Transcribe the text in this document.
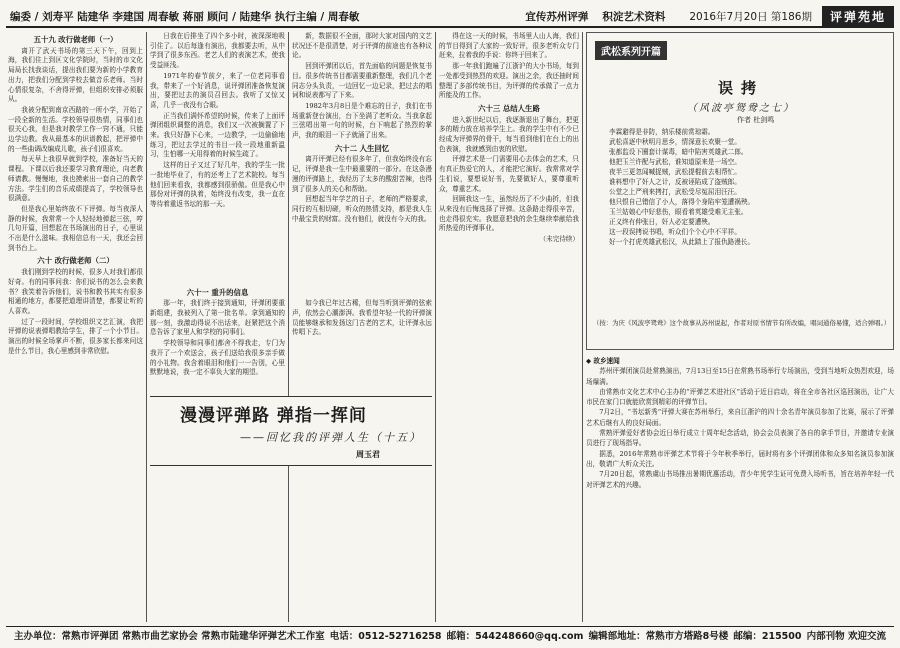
编委 / 刘寿平 陆建华 李建国 周春敏 蒋丽 顾问 / 陆建华 执行主编 / 周春敏	宜传苏州评弹 积淀艺术资料 2016年7月20日 第186期	评弹苑地
五十九 改行做老师（一）

离开了武天书场的第三天下午，回到上海，我们住上到区文化学院时，当时的市文化局局长找我谈话，提出我们要为新的小学教育出力，把我们分配到学校去做音乐老师。当时心情很复杂，不舍得评弹，但组织安排必须服从。

我被分配到南京西路的一所小学，开始了一段全新的生活。学校领导很热情，同事们也很关心我，但是我对教学工作一窍不通，只能边学边教。我从最基本的识谱教起，把评弹中的一些曲调改编成儿歌，孩子们很喜欢。

每天早上我很早就到学校，准备好当天的课程。下课以后我还要学习教育理论，向老教师请教。慢慢地，我也摸索出一套自己的教学方法。学生们的音乐成绩提高了，学校领导也很满意。

但是我心里始终放不下评弹。每当夜深人静的时候，我常常一个人轻轻地弹起三弦，哼几句开篇，回想起在书场演出的日子，心里说不出是什么滋味。我相信总有一天，我还会回到书台上。

六十 改行做老师（二）

我们刚到学校的时候，很多人对我们都很好奇。有的同事问我：你们说书的怎么会来教书？我笑着告诉他们，说书和教书其实有很多相通的地方，都要把道理讲清楚，都要让听的人喜欢。

过了一段时间，学校组织文艺汇演，我把评弹的说表弹唱教给学生，排了一个小节目。演出的时候全场掌声不断，很多家长都来问这是什么节目，我心里感到非常欣慰。

日我在后排坐了四个多小时，被深深地吸引住了。以后每逢有演出，我都要去听，从中学到了很多东西。老艺人们的表演艺术，使我受益匪浅。

1971年的春节前夕，来了一位老同事看我，带来了一个好消息，说评弹团准备恢复演出，要把过去的演员召回去。我听了又惊又喜，几乎一夜没有合眼。

正当我们满怀希望的时候，传来了上面评弹团组织调整的消息，我们又一次被搁置了下来。我只好静下心来，一边教学，一边偷偷地练习，把过去学过的书目一段一段地重新温习，生怕哪一天用得着的时候生疏了。

这样的日子又过了好几年，我的学生一批一批地毕业了，有的还考上了艺术院校。每当他们回来看我，我都感到很骄傲。但是我心中那份对评弹的执着，始终没有改变，我一直在等待着重返书坛的那一天。

六十一 重升的信息

那一年，我们终于接到通知，评弹团要重新组建，我被列入了第一批名单。拿到通知的那一刻，我激动得说不出话来，赶紧把这个消息告诉了家里人和学校的同事们。

学校领导和同事们都舍不得我走，专门为我开了一个欢送会，孩子们送给我很多亲手做的小礼物。我含着眼泪和他们一一告别，心里默默地说，我一定不辜负大家的期望。

新，数据很不全面，那时大家对国内的文艺状况还不是很清楚，对于评弹的前途也有各种议论。

回到评弹团以后，首先面临的问题是恢复书目。很多传统书目都需要重新整理，我们几个老同志分头负责，一边回忆一边记录，把过去的唱词和说表都写了下来。

1982年3月8日是个难忘的日子，我们在书场重新登台演出，台下坐满了老听众。当我拿起三弦唱出第一句的时候，台下响起了热烈的掌声，我的眼泪一下子就涌了出来。

六十二 人生回忆

离开评弹已经有很多年了，但我始终没有忘记，评弹是我一生中最重要的一部分。在这条漫漫的评弹路上，我经历了太多的酸甜苦辣，也得到了很多人的关心和帮助。

回想起当年学艺的日子，老师的严格要求，同行的互相切磋，听众的热情支持，都是我人生中最宝贵的财富。没有他们，就没有今天的我。

如今我已年过古稀，但每当听到评弹的弦索声，依然会心潮澎湃。我希望年轻一代的评弹演员能够继承和发扬这门古老的艺术，让评弹永远传唱下去。

得在这一天的时候，书场里人山人海，我们的节目得到了大家的一致好评，很多老听众专门赶来，拉着我的手说：你终于回来了。

那一年我们跑遍了江浙沪的大小书场，每到一处都受到热烈的欢迎。演出之余，我还抽时间整理了多部传统书目，为评弹的传承做了一点力所能及的工作。

六十三 总结人生路

进入新世纪以后，我逐渐退出了舞台，把更多的精力放在培养学生上。我的学生中有不少已经成为评弹界的骨干，每当看到他们在台上的出色表演，我就感到由衷的欣慰。

评弹艺术是一门需要用心去体会的艺术，只有真正热爱它的人，才能把它演好。我常常对学生们说，要想说好书，先要做好人，要尊重听众，尊重艺术。

回顾我这一生，虽然经历了不少曲折，但我从来没有后悔选择了评弹。这条路走得很辛苦，也走得很充实。我愿意把我的余生继续奉献给我所热爱的评弹事业。

（未完待续）

漫漫评弹路 弹指一挥间
——回忆我的评弹人生（十五）
周玉君
武松系列开篇
误拷
（风波亭鸳鸯之七）
作者 杜剑鸣
李霖避得是非防，纳乐楼前赏琼霜。
武松喜逐中秋明月思乡，情深意长欢聚一堂。
张都监设下圈套计谋毒，暗中陷害英雄武二郎。
他把玉兰许配与武松，谁知道原来是一场空。
夜半三更忽闻喊捉贼，武松提棍前去相帮忙。
谁料想中了奸人之计，反被诬陷成了盗贼郎。
公堂之上严刑来拷打，武松受尽冤屈泪汪汪。
他只恨自己错信了小人，落得个身陷牢笼遭祸殃。
玉兰姑娘心中好悲伤，眼看着英雄受难无主张。
正义终有伸张日，奸人必定要遭殃。
这一段误拷说书唱，听众们个个心中不平祥。
好一个打虎英雄武松汉，从此踏上了报仇路漫长。
（按：为庆《风波亭鸳鸯》这个故事从苏州说起，作者对原书情节有所改编，唱词通俗易懂，适合弹唱。）

◆ 故乡速闻

苏州评弹团演员赴常熟演出，7月13日至15日在常熟书场举行专场演出，受到当地听众热烈欢迎，场场爆满。

由常熟市文化艺术中心主办的“评弹艺术进社区”活动于近日启动，将在全市各社区巡回演出，让广大市民在家门口就能欣赏到精彩的评弹节目。

7月2日，“书坛新秀”评弹大赛在苏州举行，来自江浙沪的四十余名青年演员参加了比赛，展示了评弹艺术后继有人的良好局面。

常熟评弹爱好者协会近日举行成立十周年纪念活动，协会会员表演了各自的拿手节目，并邀请专业演员进行了现场指导。

据悉，2016年常熟市评弹艺术节将于今年秋季举行，届时将有多个评弹团体和众多知名演员参加演出，敬请广大听众关注。

7月20日起，常熟虞山书场推出暑期优惠活动，青少年凭学生证可免费入场听书，旨在培养年轻一代对评弹艺术的兴趣。

主办单位：常熟市评弹团 常熟市曲艺家协会 常熟市陆建华评弹艺术工作室 电话：0512-52716258 邮箱：544248660@qq.com 编辑部地址：常熟市方塔路8号楼 邮编：215500 内部刊物 欢迎交流
